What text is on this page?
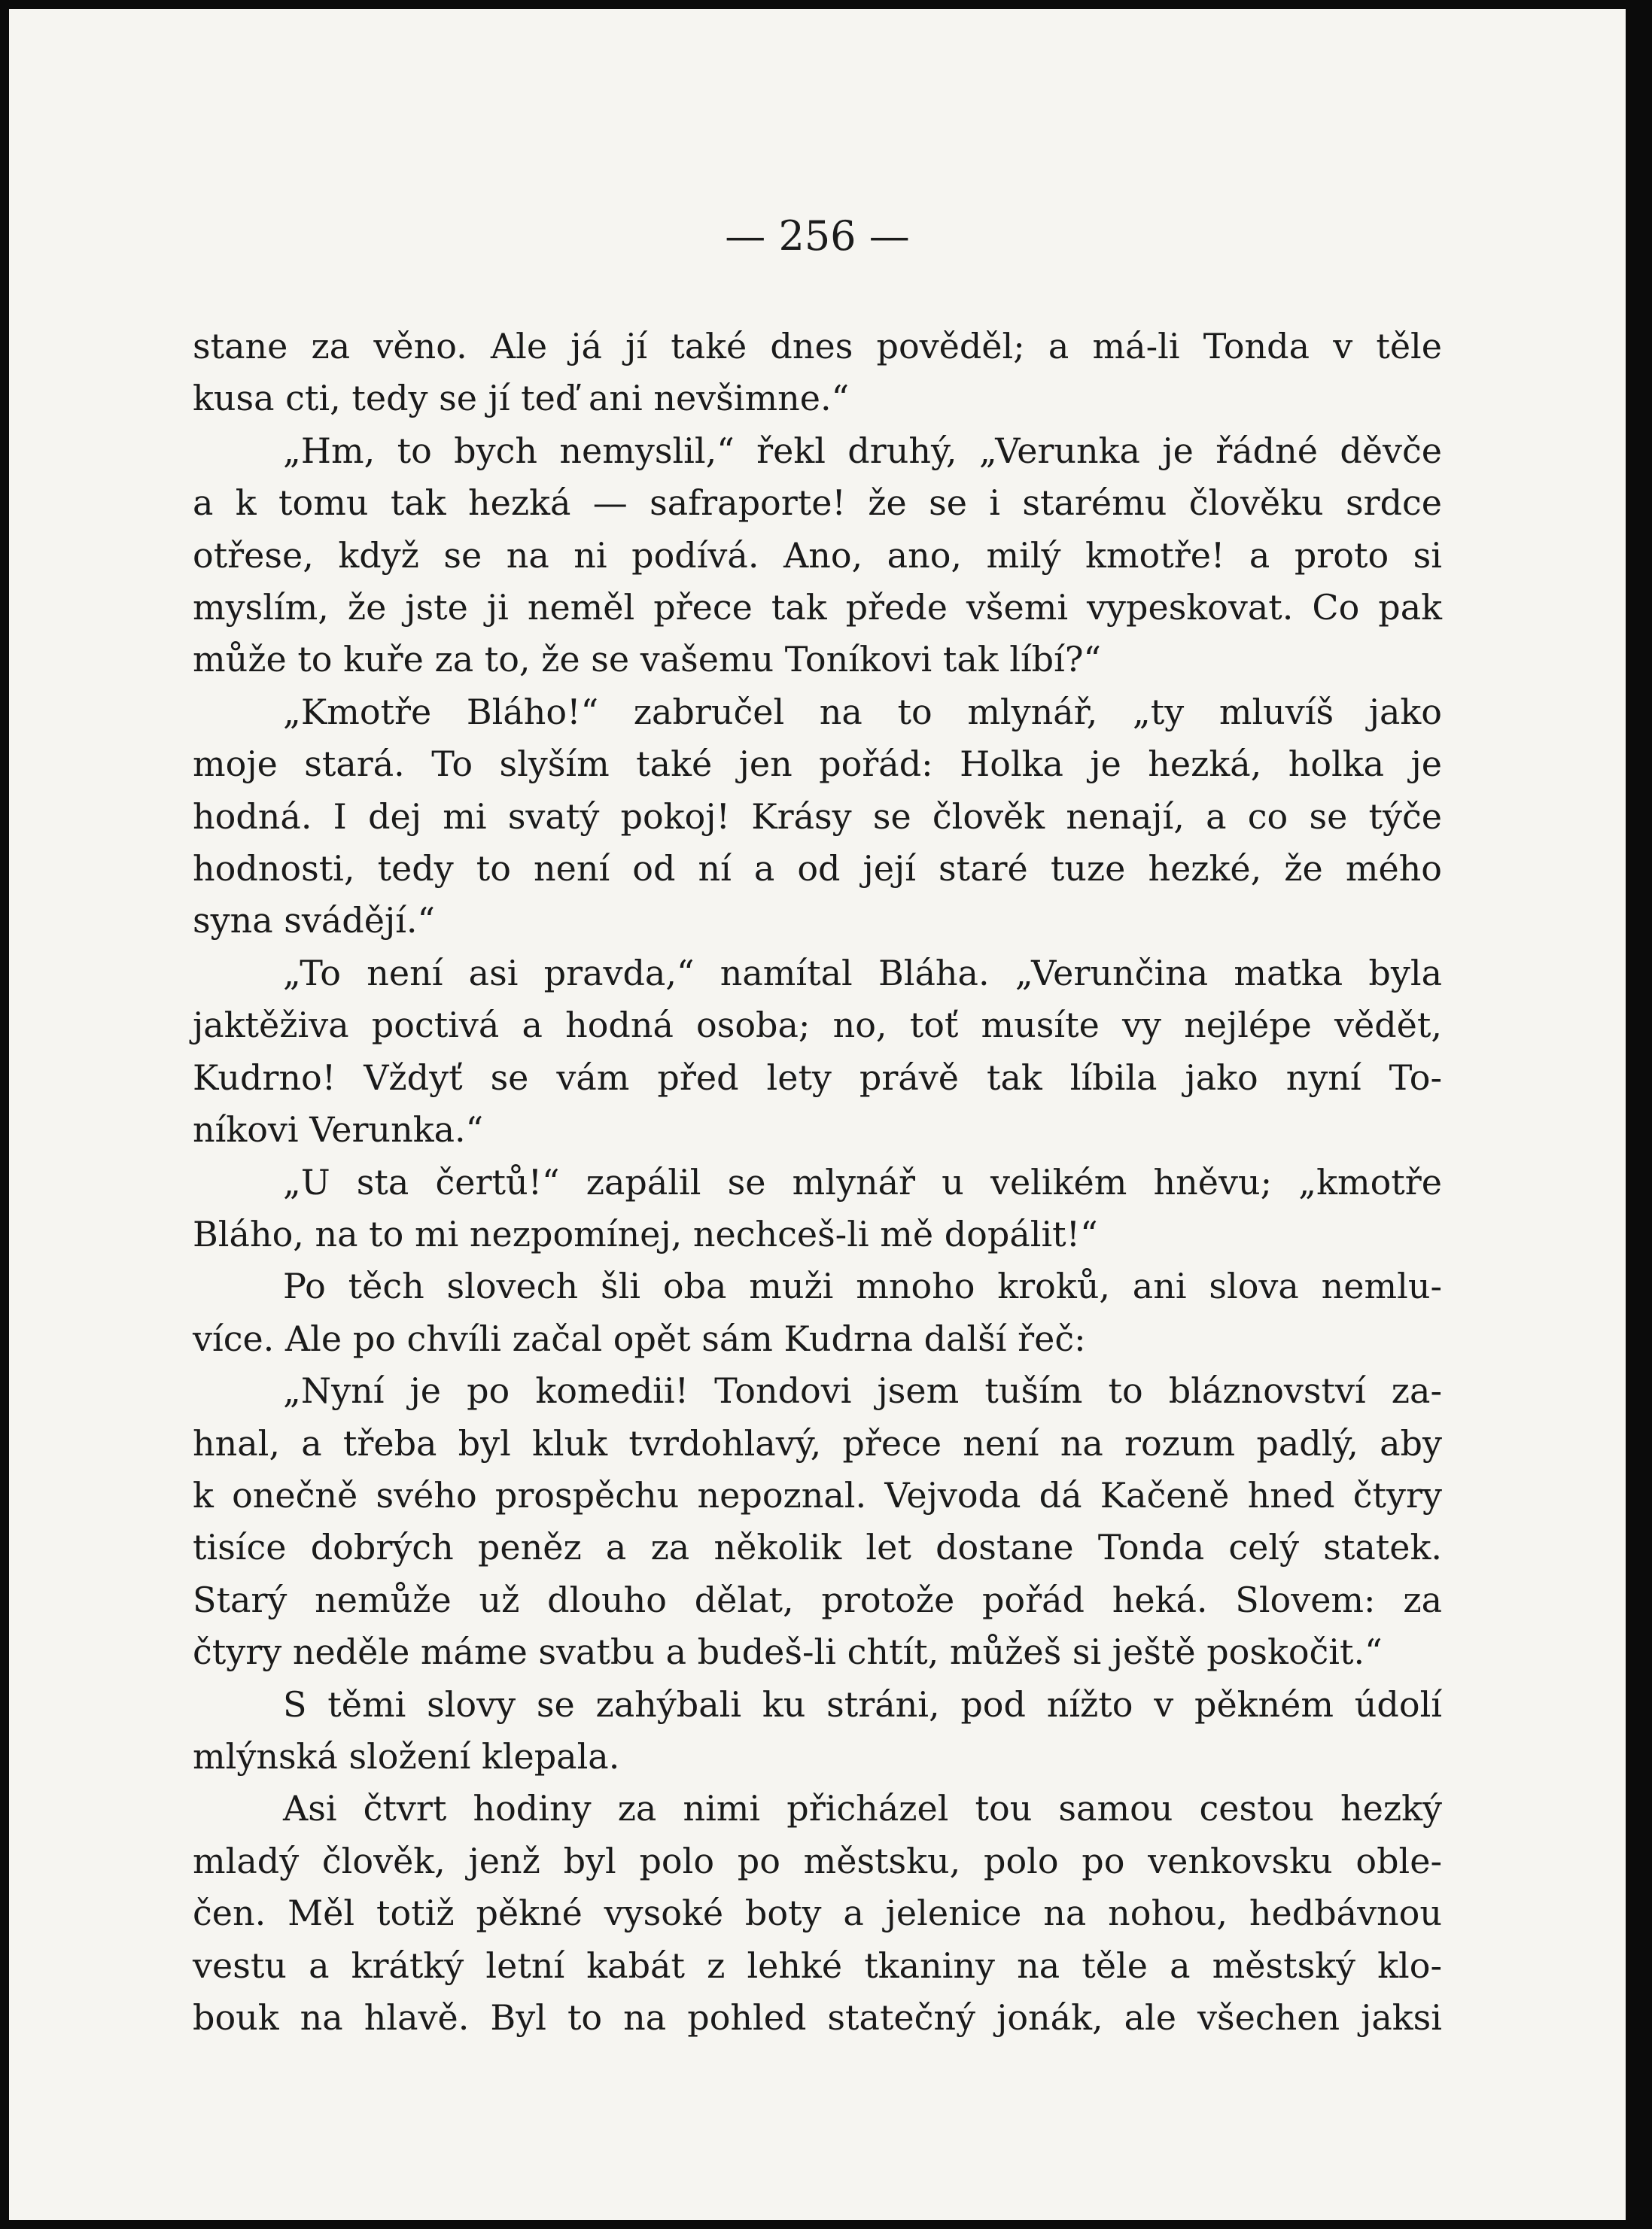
— 256 —
stane za věno. Ale já jí také dnes pověděl; a má-li Tonda v těle
kusa cti, tedy se jí teď ani nevšimne.“
„Hm, to bych nemyslil,“ řekl druhý, „Verunka je řádné děvče
a k tomu tak hezká — safraporte! že se i starému člověku srdce
otřese, když se na ni podívá. Ano, ano, milý kmotře! a proto si
myslím, že jste ji neměl přece tak přede všemi vypeskovat. Co pak
může to kuře za to, že se vašemu Toníkovi tak líbí?“
„Kmotře Bláho!“ zabručel na to mlynář, „ty mluvíš jako
moje stará. To slyším také jen pořád: Holka je hezká, holka je
hodná. I dej mi svatý pokoj! Krásy se člověk nenají, a co se týče
hodnosti, tedy to není od ní a od její staré tuze hezké, že mého
syna svádějí.“
„To není asi pravda,“ namítal Bláha. „Verunčina matka byla
jaktěživa poctivá a hodná osoba; no, toť musíte vy nejlépe vědět,
Kudrno! Vždyť se vám před lety právě tak líbila jako nyní To-
níkovi Verunka.“
„U sta čertů!“ zapálil se mlynář u velikém hněvu; „kmotře
Bláho, na to mi nezpomínej, nechceš-li mě dopálit!“
Po těch slovech šli oba muži mnoho kroků, ani slova nemlu-
více. Ale po chvíli začal opět sám Kudrna další řeč:
„Nyní je po komedii! Tondovi jsem tuším to bláznovství za-
hnal, a třeba byl kluk tvrdohlavý, přece není na rozum padlý, aby
k onečně svého prospěchu nepoznal. Vejvoda dá Kačeně hned čtyry
tisíce dobrých peněz a za několik let dostane Tonda celý statek.
Starý nemůže už dlouho dělat, protože pořád heká. Slovem: za
čtyry neděle máme svatbu a budeš-li chtít, můžeš si ještě poskočit.“
S těmi slovy se zahýbali ku stráni, pod nížto v pěkném údolí
mlýnská složení klepala.
Asi čtvrt hodiny za nimi přicházel tou samou cestou hezký
mladý člověk, jenž byl polo po městsku, polo po venkovsku oble-
čen. Měl totiž pěkné vysoké boty a jelenice na nohou, hedbávnou
vestu a krátký letní kabát z lehké tkaniny na těle a městský klo-
bouk na hlavě. Byl to na pohled statečný jonák, ale všechen jaksi
